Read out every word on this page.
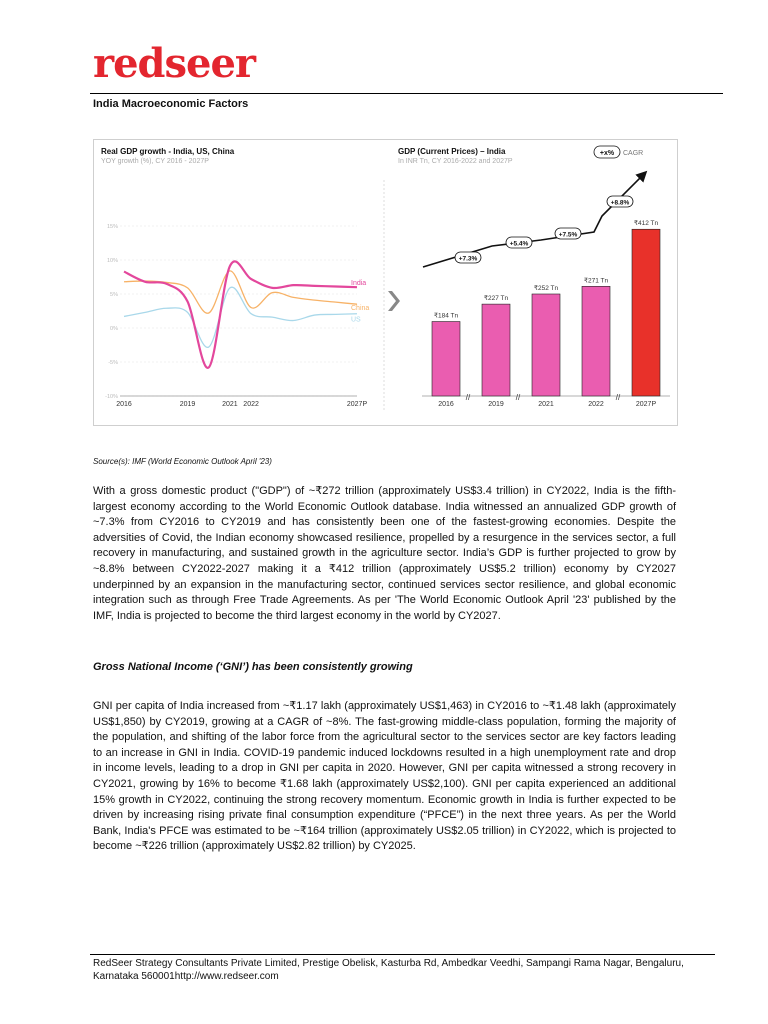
redseer
India Macroeconomic Factors
Real GDP growth - India, US, China
YOY growth (%), CY 2016 - 2027P
GDP (Current Prices) – India
In INR Tn, CY 2016-2022 and 2027P
+x% CAGR
15%
10%
5%
0%
-5%
-10%
2016	2019	2021 2022	2027P
India
China
US
₹184 Tn
2016
₹227 Tn
2019
₹252 Tn
2021
₹271 Tn
2022
₹412 Tn
2027P
//	//	//
+7.3%
+5.4%
+7.5%
+8.8%
Source(s): IMF (World Economic Outlook April '23)

With a gross domestic product ("GDP") of ~₹272 trillion (approximately US$3.4 trillion) in CY2022, India is the fifth-largest economy according to the World Economic Outlook database. India witnessed an annualized GDP growth of ~7.3% from CY2016 to CY2019 and has consistently been one of the fastest-growing economies. Despite the adversities of Covid, the Indian economy showcased resilience, propelled by a resurgence in the services sector, a full recovery in manufacturing, and sustained growth in the agriculture sector. India’s GDP is further projected to grow by ~8.8% between CY2022-2027 making it a ₹412 trillion (approximately US$5.2 trillion) economy by CY2027 underpinned by an expansion in the manufacturing sector, continued services sector resilience, and global economic integration such as through Free Trade Agreements. As per 'The World Economic Outlook April '23' published by the IMF, India is projected to become the third largest economy in the world by CY2027.

Gross National Income (‘GNI’) has been consistently growing

GNI per capita of India increased from ~₹1.17 lakh (approximately US$1,463) in CY2016 to ~₹1.48 lakh (approximately US$1,850) by CY2019, growing at a CAGR of ~8%. The fast-growing middle-class population, forming the majority of the population, and shifting of the labor force from the agricultural sector to the services sector are key factors leading to an increase in GNI in India. COVID-19 pandemic induced lockdowns resulted in a high unemployment rate and drop in income levels, leading to a drop in GNI per capita in 2020. However, GNI per capita witnessed a strong recovery in CY2021, growing by 16% to become ₹1.68 lakh (approximately US$2,100). GNI per capita experienced an additional 15% growth in CY2022, continuing the strong recovery momentum. Economic growth in India is further expected to be driven by increasing rising private final consumption expenditure (“PFCE”) in the next three years. As per the World Bank, India's PFCE was estimated to be ~₹164 trillion (approximately US$2.05 trillion) in CY2022, which is projected to become ~₹226 trillion (approximately US$2.82 trillion) by CY2025.

RedSeer Strategy Consultants Private Limited, Prestige Obelisk, Kasturba Rd, Ambedkar Veedhi, Sampangi Rama Nagar, Bengaluru, Karnataka 560001http://www.redseer.com
